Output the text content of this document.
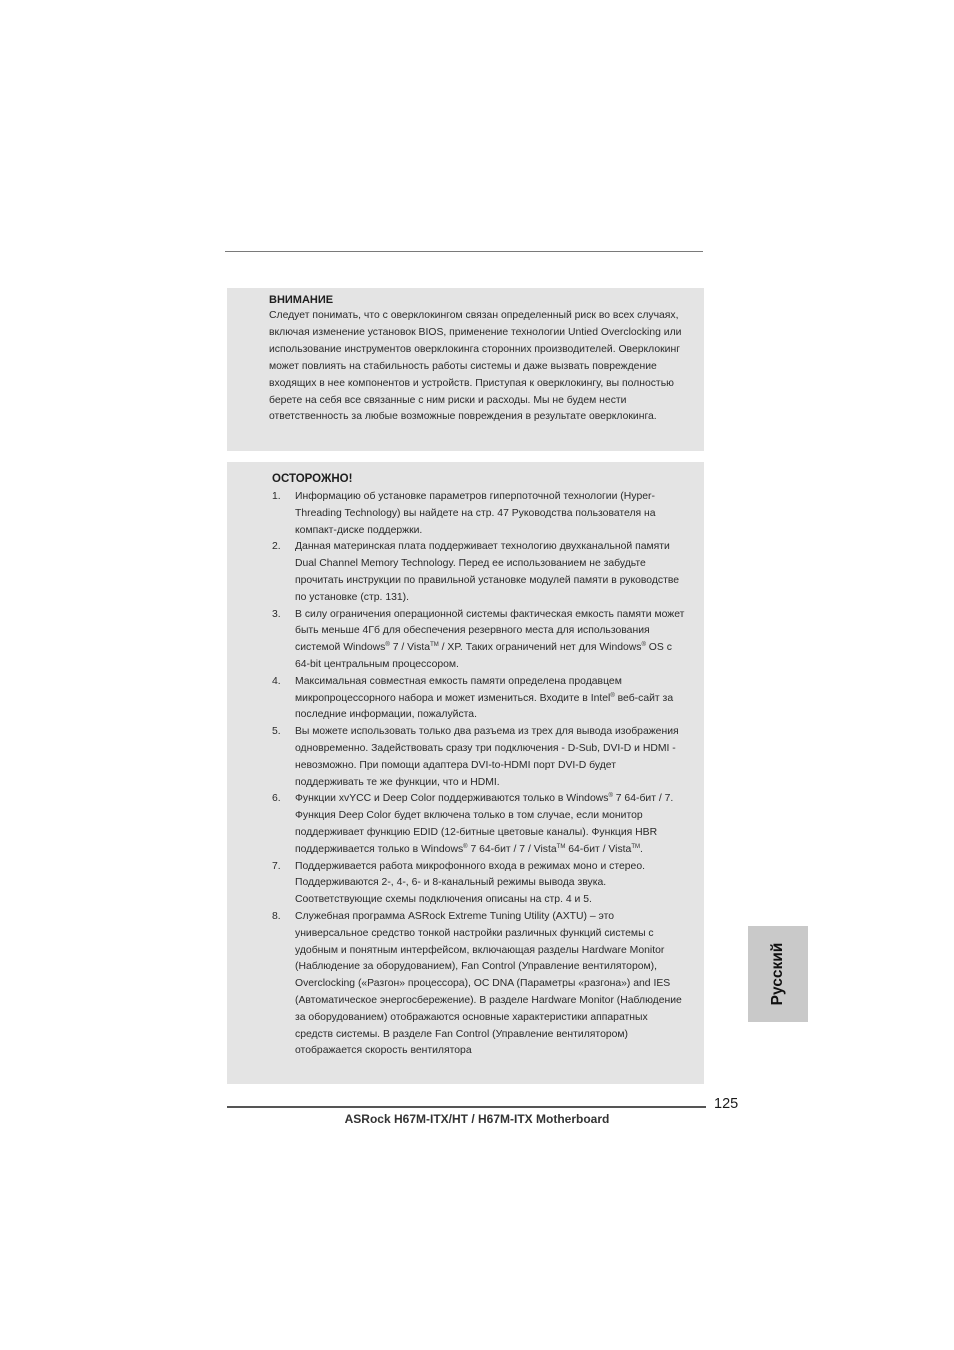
ВНИМАНИЕ

Следует понимать, что с оверклокингом связан определенный риск во всех случаях, включая изменение установок BIOS, применение технологии Untied Overclocking или использование инструментов оверклокинга сторонних производителей. Оверклокинг может повлиять на стабильность работы системы и даже вызвать повреждение входящих в нее компонентов и устройств. Приступая к оверклокингу, вы полностью берете на себя все связанные с ним риски и расходы. Мы не будем нести ответственность за любые возможные повреждения в результате оверклокинга.

ОСТОРОЖНО!
1. Информацию об установке параметров гиперпоточной технологии (Hyper-Threading Technology) вы найдете на стр. 47 Руководства пользователя на компакт-диске поддержки.
2. Данная материнская плата поддерживает технологию двухканальной памяти Dual Channel Memory Technology. Перед ее использованием не забудьте прочитать инструкции по правильной установке модулей памяти в руководстве по установке (стр. 131).
3. В силу ограничения операционной системы фактическая емкость памяти может быть меньше 4Гб для обеспечения резервного места для использования системой Windows® 7 / Vista™ / XP. Таких ограничений нет для Windows® OS с 64-bit центральным процессором.
4. Максимальная совместная емкость памяти определена продавцем микропроцессорного набора и может измениться. Входите в Intel® веб-сайт за последние информации, пожалуйста.
5. Вы можете использовать только два разъема из трех для вывода изображения одновременно. Задействовать сразу три подключения - D-Sub, DVI-D и HDMI - невозможно. При помощи адаптера DVI-to-HDMI порт DVI-D будет поддерживать те же функции, что и HDMI.
6. Функции xvYCC и Deep Color поддерживаются только в Windows® 7 64-бит / 7. Функция Deep Color будет включена только в том случае, если монитор поддерживает функцию EDID (12-битные цветовые каналы). Функция HBR поддерживается только в Windows® 7 64-бит / 7 / Vista™ 64-бит / Vista™.
7. Поддерживается работа микрофонного входа в режимах моно и стерео. Поддерживаются 2-, 4-, 6- и 8-канальный режимы вывода звука. Соответствующие схемы подключения описаны на стр. 4 и 5.
8. Служебная программа ASRock Extreme Tuning Utility (AXTU) – это универсальное средство тонкой настройки различных функций системы с удобным и понятным интерфейсом, включающая разделы Hardware Monitor (Наблюдение за оборудованием), Fan Control (Управление вентилятором), Overclocking («Разгон» процессора), OC DNA (Параметры «разгона») and IES (Автоматическое энергосбережение). В разделе Hardware Monitor (Наблюдение за оборудованием) отображаются основные характеристики аппаратных средств системы. В разделе Fan Control (Управление вентилятором) отображается скорость вентилятора
Русский
125
ASRock H67M-ITX/HT / H67M-ITX Motherboard
